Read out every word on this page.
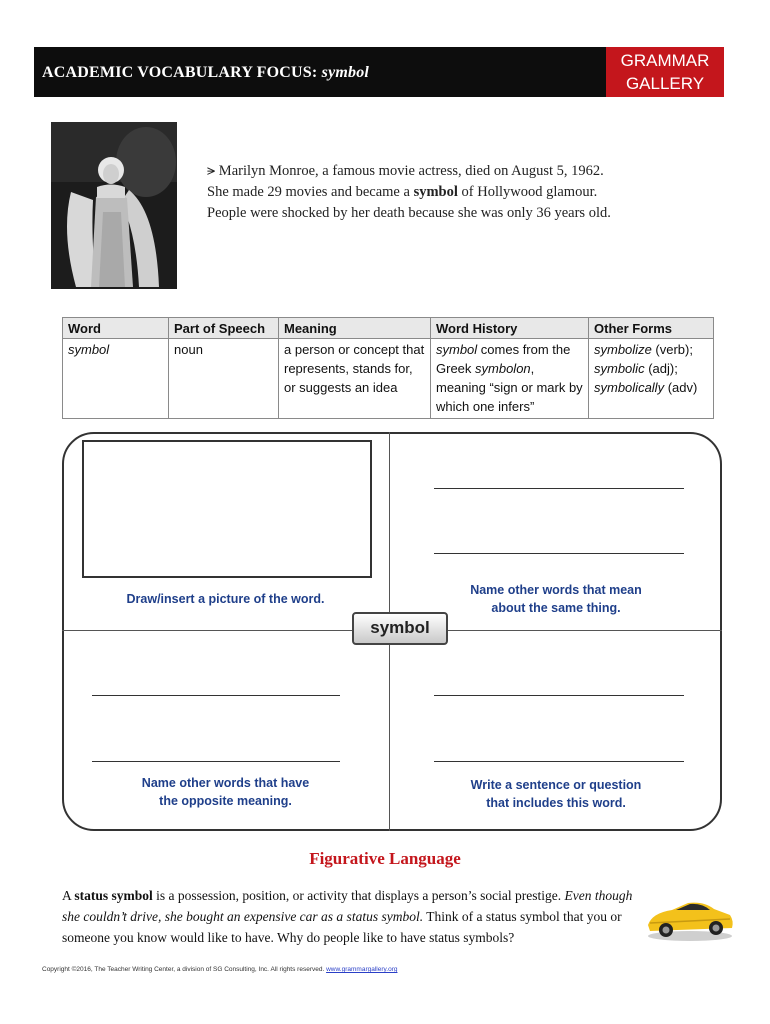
ACADEMIC VOCABULARY FOCUS: symbol
GRAMMAR
GALLERY
⪫ Marilyn Monroe, a famous movie actress, died on August 5, 1962.
She made 29 movies and became a symbol of Hollywood glamour.
People were shocked by her death because she was only 36 years old.
Word	Part of Speech	Meaning	Word History	Other Forms
symbol	noun	a person or concept that represents, stands for, or suggests an idea	symbol comes from the Greek symbolon, meaning “sign or mark by which one infers”	symbolize (verb);
symbolic (adj);
symbolically (adv)
Draw/insert a picture of the word.
Name other words that mean
about the same thing.
symbol
Name other words that have
the opposite meaning.
Write a sentence or question
that includes this word.
Figurative Language
A status symbol is a possession, position, or activity that displays a person’s social prestige. Even though she couldn’t drive, she bought an expensive car as a status symbol. Think of a status symbol that you or someone you know would like to have. Why do people like to have status symbols?
Copyright ©2016, The Teacher Writing Center, a division of SG Consulting, Inc. All rights reserved. www.grammargallery.org
